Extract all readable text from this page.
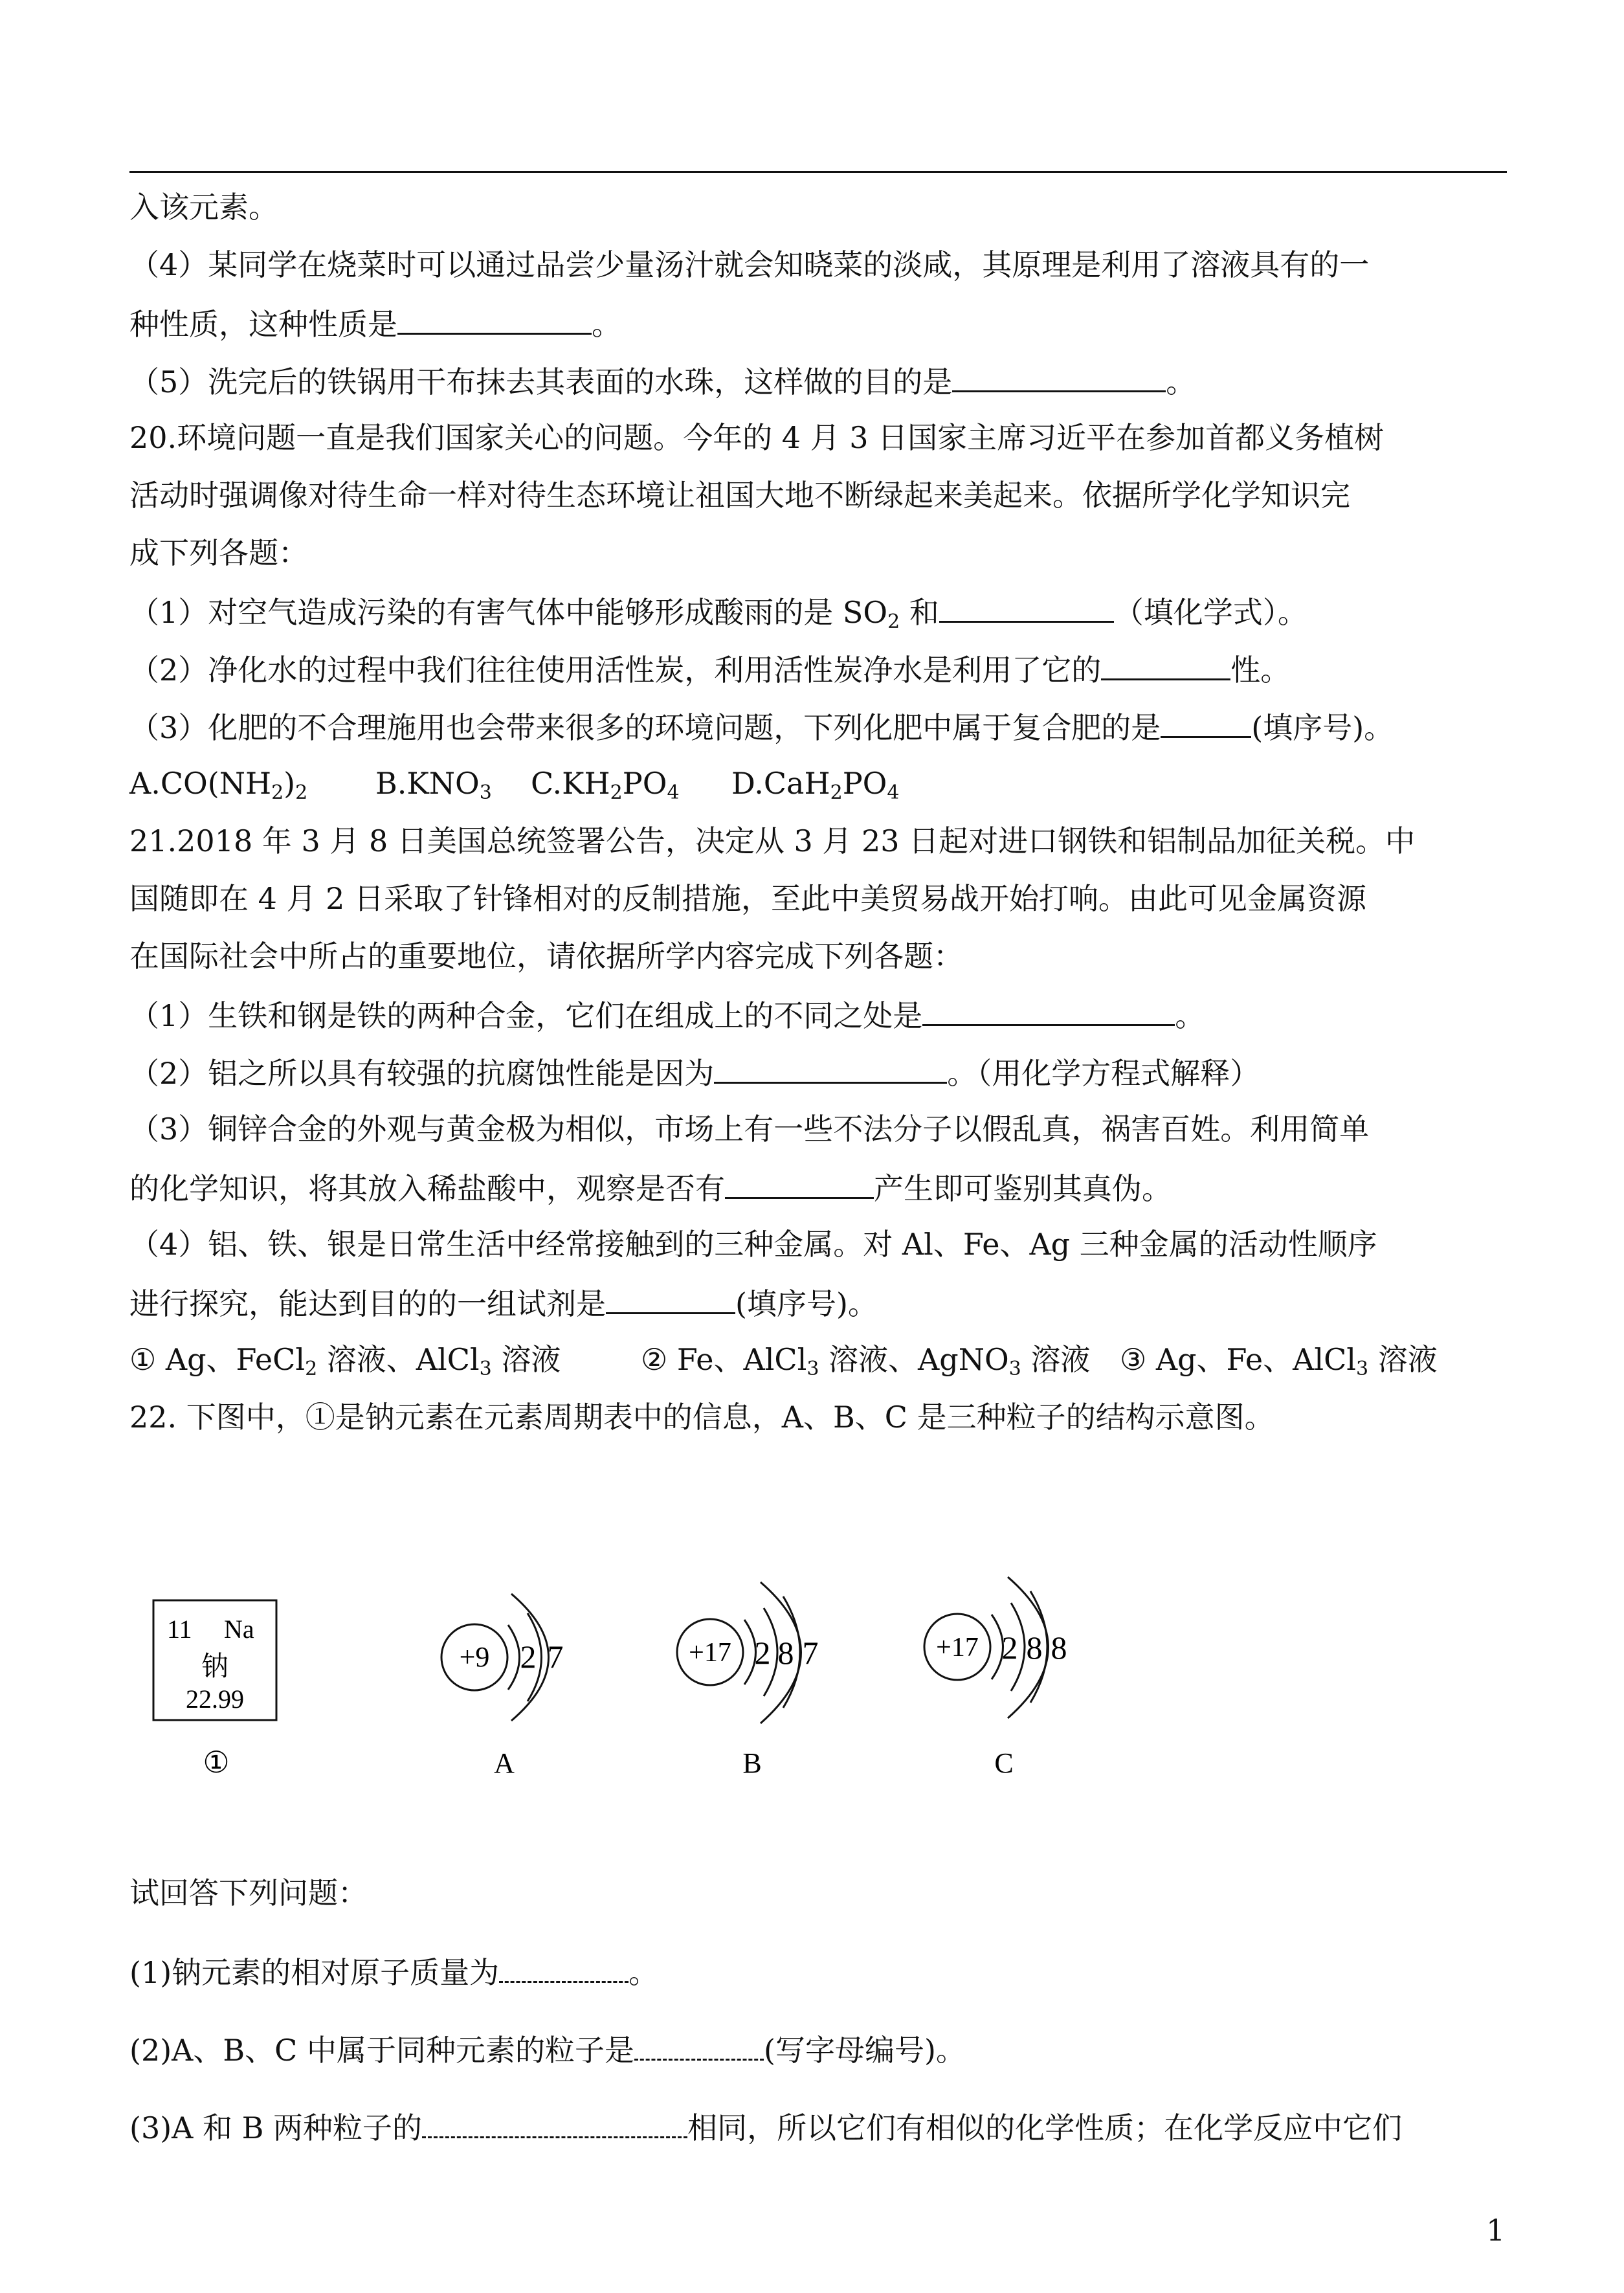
入该元素。
（4）某同学在烧菜时可以通过品尝少量汤汁就会知晓菜的淡咸，其原理是利用了溶液具有的一
种性质，这种性质是	。
（5）洗完后的铁锅用干布抹去其表面的水珠，这样做的目的是	。
20.环境问题一直是我们国家关心的问题。今年的 4 月 3 日国家主席习近平在参加首都义务植树
活动时强调像对待生命一样对待生态环境让祖国大地不断绿起来美起来。依据所学化学知识完
成下列各题：
（1）对空气造成污染的有害气体中能够形成酸雨的是 $SO_2$ 和	（填化学式）。
（2）净化水的过程中我们往往使用活性炭，利用活性炭净水是利用了它的	性。
（3）化肥的不合理施用也会带来很多的环境问题，下列化肥中属于复合肥的是	(填序号)。
$A.CO(NH_2)_2$ $B.KNO_3$ $C.KH_2PO_4$ $D.CaH_2PO_4$
21.2018 年 3 月 8 日美国总统签署公告，决定从 3 月 23 日起对进口钢铁和铝制品加征关税。中
国随即在 4 月 2 日采取了针锋相对的反制措施，至此中美贸易战开始打响。由此可见金属资源
在国际社会中所占的重要地位，请依据所学内容完成下列各题：
（1）生铁和钢是铁的两种合金，它们在组成上的不同之处是	。
（2）铝之所以具有较强的抗腐蚀性能是因为	。（用化学方程式解释）
（3）铜锌合金的外观与黄金极为相似，市场上有一些不法分子以假乱真，祸害百姓。利用简单
的化学知识，将其放入稀盐酸中，观察是否有	产生即可鉴别其真伪。
（4）铝、铁、银是日常生活中经常接触到的三种金属。对 Al、Fe、Ag 三种金属的活动性顺序
进行探究，能达到目的的一组试剂是	(填序号)。
① Ag、FeCl$_2$ 溶液、AlCl$_3$ 溶液	② Fe、AlCl$_3$ 溶液、AgNO$_3$ 溶液 ③ Ag、Fe、AlCl$_3$ 溶液
22. 下图中，①是钠元素在元素周期表中的信息，A、B、C 是三种粒子的结构示意图。
11 Na
钠
22.99
①
+9 2 7
A
+17 2 8 7
B
+17 2 8 8
C
试回答下列问题：
(1)钠元素的相对原子质量为	。
(2)A、B、C 中属于同种元素的粒子是	(写字母编号)。
(3)A 和 B 两种粒子的	相同，所以它们有相似的化学性质；在化学反应中它们
1
